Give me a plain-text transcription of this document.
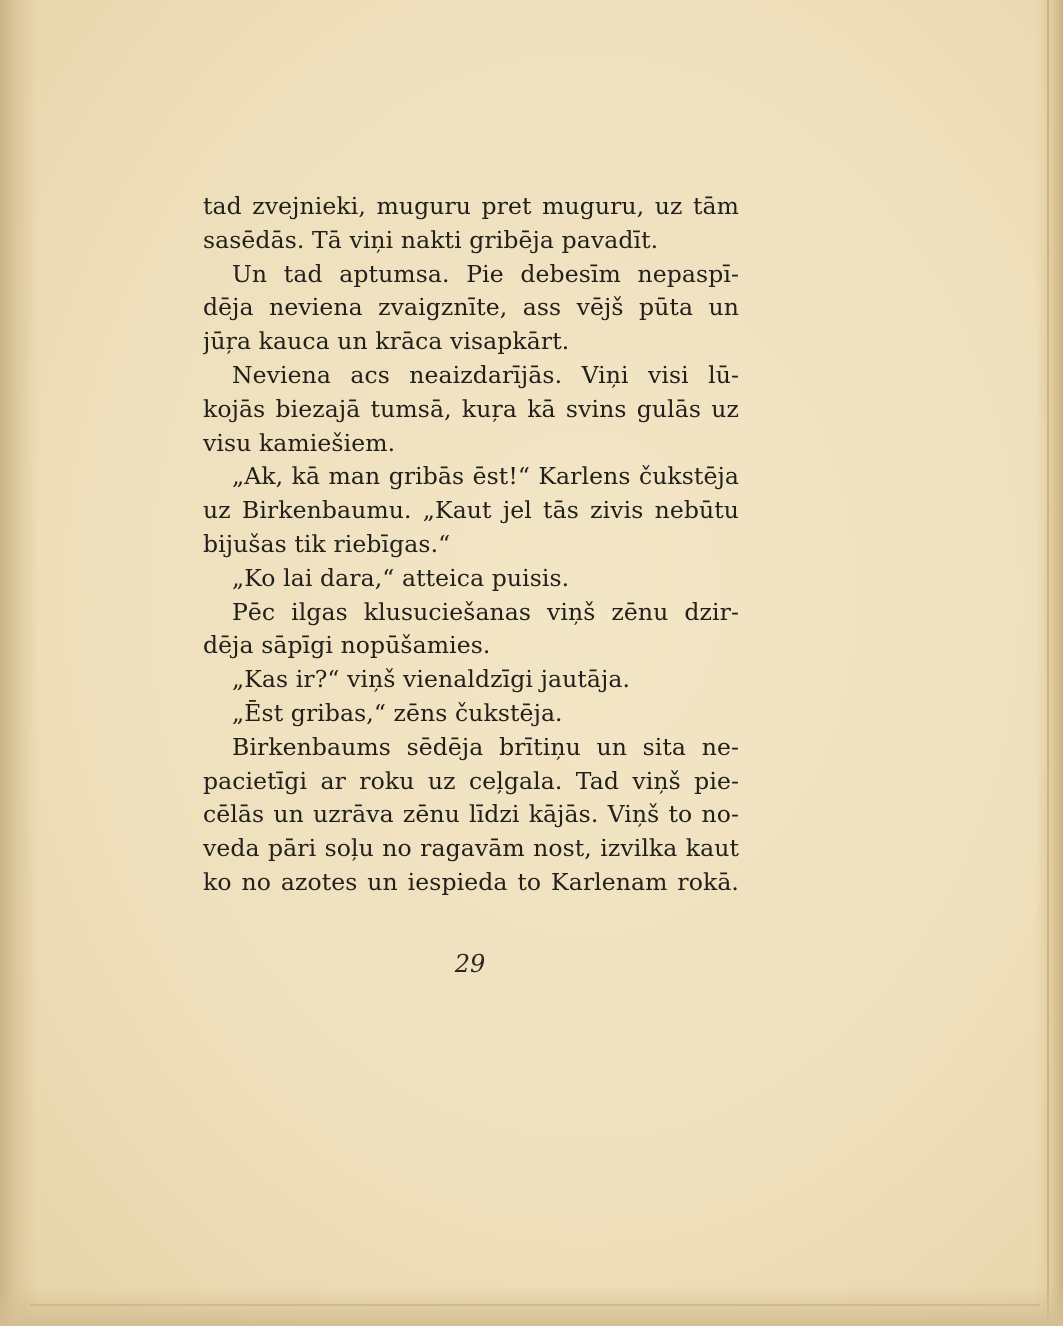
tad zvejnieki, muguru pret muguru, uz tām
sasēdās. Tā viņi nakti gribēja pavadīt.
Un tad aptumsa. Pie debesīm nepaspī-
dēja neviena zvaigznīte, ass vējš pūta un
jūŗa kauca un krāca visapkārt.
Neviena acs neaizdarījās. Viņi visi lū-
kojās biezajā tumsā, kuŗa kā svins gulās uz
visu kamiešiem.
„Ak, kā man gribās ēst!“ Karlens čukstēja
uz Birkenbaumu. „Kaut jel tās zivis nebūtu
bijušas tik riebīgas.“
„Ko lai dara,“ atteica puisis.
Pēc ilgas klusuciešanas viņš zēnu dzir-
dēja sāpīgi nopūšamies.
„Kas ir?“ viņš vienaldzīgi jautāja.
„Ēst gribas,“ zēns čukstēja.
Birkenbaums sēdēja brītiņu un sita ne-
pacietīgi ar roku uz ceļgala. Tad viņš pie-
cēlās un uzrāva zēnu līdzi kājās. Viņš to no-
veda pāri soļu no ragavām nost, izvilka kaut
ko no azotes un iespieda to Karlenam rokā.
29
